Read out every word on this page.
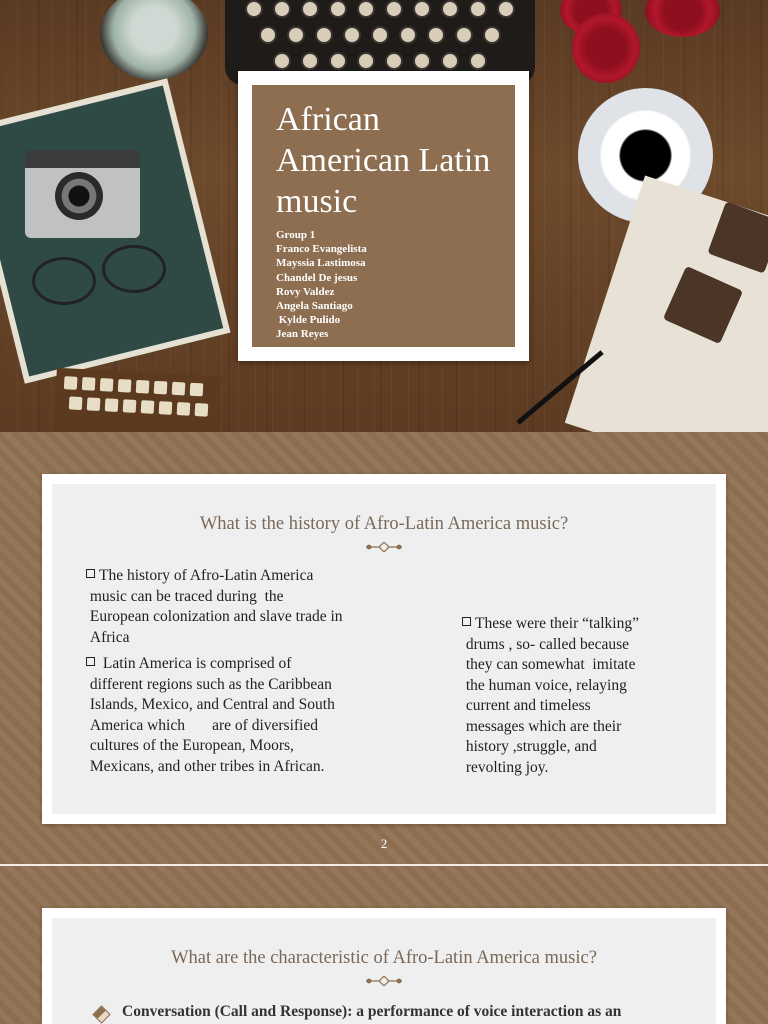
African American Latin music
Group 1
Franco Evangelista
Mayssia Lastimosa
Chandel De jesus
Rovy Valdez
Angela Santiago
Kylde Pulido
Jean Reyes
What is the history of Afro-Latin America music?

The history of Afro-Latin America
music can be traced during  the
European colonization and slave trade in
Africa

Latin America is comprised of
different regions such as the Caribbean
Islands, Mexico, and Central and South
America which       are of diversified
cultures of the European, Moors,
Mexicans, and other tribes in African.

These were their “talking”
drums , so- called because
they can somewhat  imitate
the human voice, relaying
current and timeless
messages which are their
history ,struggle, and
revolting joy.

2
What are the characteristic of Afro-Latin America music?
Conversation (Call and Response): a performance of voice interaction as an
